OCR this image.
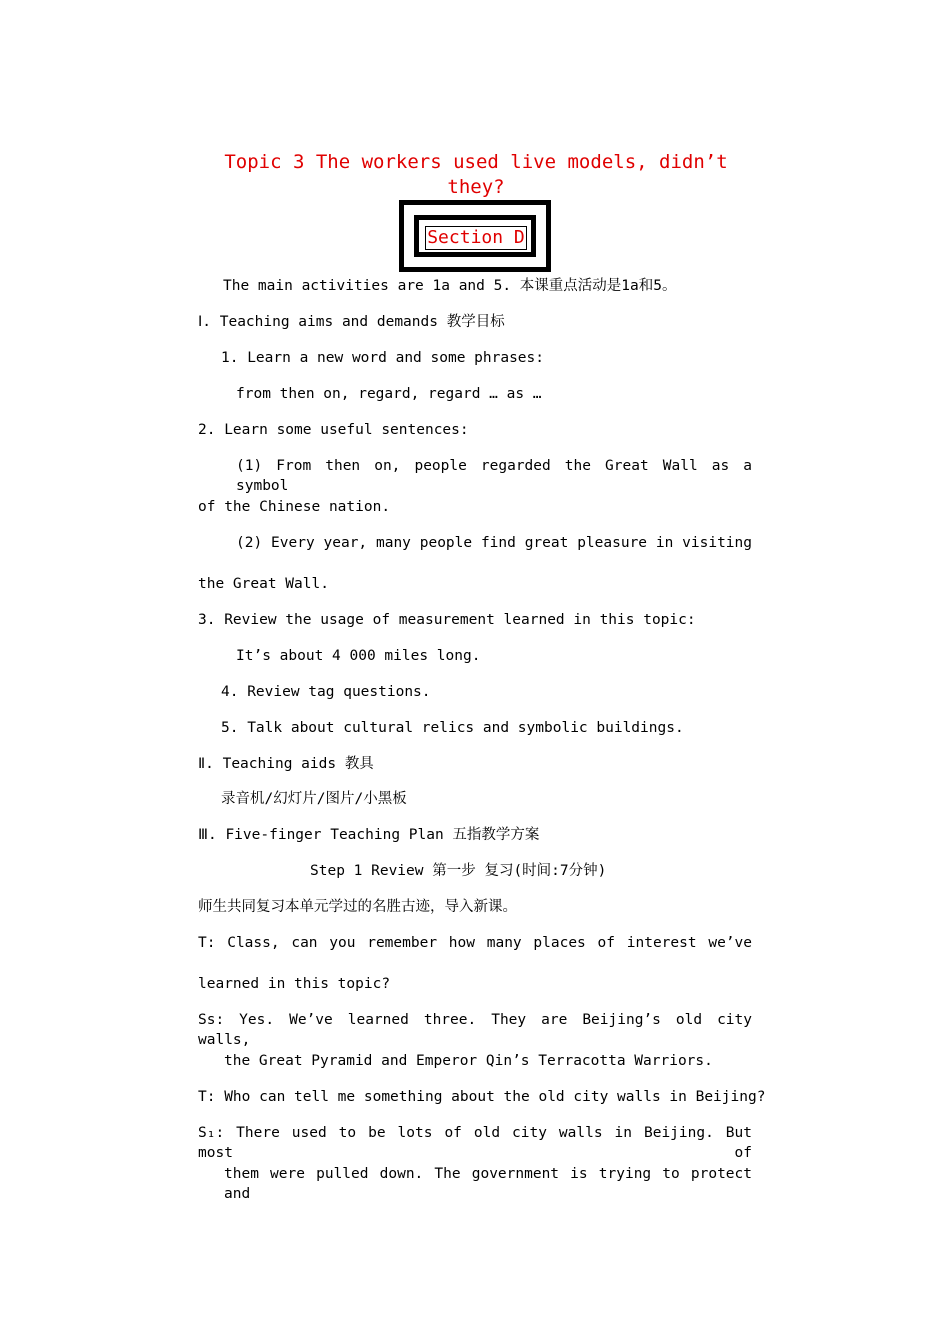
Topic 3 The workers used live models, didn’t
they?
Section D
The main activities are 1a and 5. 本课重点活动是1a和5。
Ⅰ. Teaching aims and demands 教学目标
1. Learn a new word and some phrases:
from then on, regard, regard … as …
2. Learn some useful sentences:
(1) From then on, people regarded the Great Wall as a symbol
of the Chinese nation.
(2) Every year, many people find great pleasure in visiting
the Great Wall.
3. Review the usage of measurement learned in this topic:
It’s about 4 000 miles long.
4. Review tag questions.
5. Talk about cultural relics and symbolic buildings.
Ⅱ. Teaching aids 教具
录音机/幻灯片/图片/小黑板
Ⅲ. Five-finger Teaching Plan 五指教学方案
Step 1 Review 第一步 复习(时间:7分钟)
师生共同复习本单元学过的名胜古迹，导入新课。
T: Class, can you remember how many places of interest we’ve
learned in this topic?
Ss: Yes. We’ve learned three. They are Beijing’s old city walls,
the Great Pyramid and Emperor Qin’s Terracotta Warriors.
T: Who can tell me something about the old city walls in Beijing?
S₁: There used to be lots of old city walls in Beijing. But most of
them were pulled down. The government is trying to protect and
